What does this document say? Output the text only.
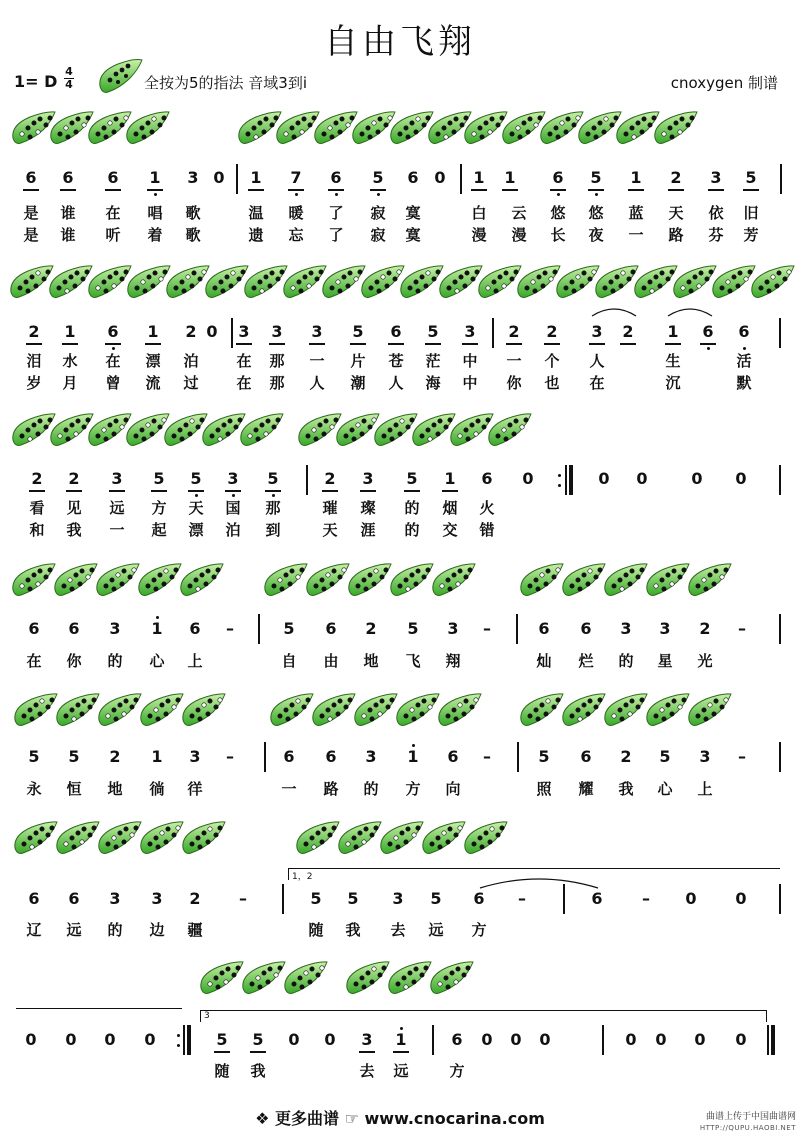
自由飞翔
1= D
4
4	全按为5的指法 音域3到i	cnoxygen 制谱
6 6 6 1 3 0 1 7 6 5 6 0 1 1 6 5 1 2 3 5
是 谁 在 唱 歌	温 暖 了 寂 寞	白 云 悠 悠 蓝 天 依 旧
是 谁 听 着 歌	遗 忘 了 寂 寞	漫 漫 长 夜 一 路 芬 芳
2 1 6 1 2 0 3 3 3 5 6 5 3 2 2 3 2 1 6 6
泪 水 在 漂 泊	在 那 一 片 苍 茫 中 一 个 人	生	活
岁 月 曾 流 过	在 那 人 潮 人 海 中 你 也 在	沉	默
2 2 3 5 5 3 5	2 3 5 1 6 0	0 0	0 0
看 见 远 方 天 国 那	璀 璨 的 烟 火
和 我 一 起 漂 泊 到	天 涯 的 交 错
6 6 3 1 6	–	5 6 2 5 3	–	6 6 3 3 2	–
在 你 的 心 上	自 由 地 飞 翔	灿 烂 的 星 光
5 5 2 1 3	–	6 6 3 1 6	–	5 6 2 5 3	–
永 恒 地 徜 徉	一 路 的 方 向	照 耀 我 心 上
6 6 3 3 2	–	5 5 3 5 6	–	6	–	0 0
1，2
辽 远 的 边 疆	随 我 去 远 方
0 0 0 0	5 5 0 0 3 1	6 0 0 0	0 0 0 0
3
随 我	去 远	方
❖ 更多曲谱 ☞ www.cnocarina.com	曲谱上传于中国曲谱网
HTTP://QUPU.HAOBI.NET
